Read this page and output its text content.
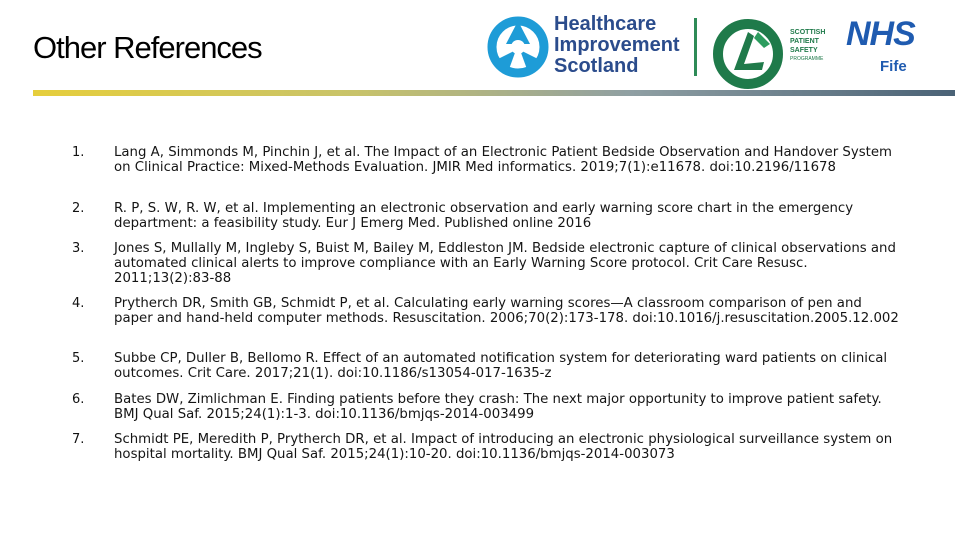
Other References
Healthcare
Improvement
Scotland
SCOTTISH
PATIENT
SAFETY
PROGRAMME
NHS
Fife
1. Lang A, Simmonds M, Pinchin J, et al. The Impact of an Electronic Patient Bedside Observation and Handover System on Clinical Practice: Mixed-Methods Evaluation. JMIR Med informatics. 2019;7(1):e11678. doi:10.2196/11678
2. R. P, S. W, R. W, et al. Implementing an electronic observation and early warning score chart in the emergency department: a feasibility study. Eur J Emerg Med. Published online 2016
3. Jones S, Mullally M, Ingleby S, Buist M, Bailey M, Eddleston JM. Bedside electronic capture of clinical observations and automated clinical alerts to improve compliance with an Early Warning Score protocol. Crit Care Resusc. 2011;13(2):83-88
4. Prytherch DR, Smith GB, Schmidt P, et al. Calculating early warning scores—A classroom comparison of pen and paper and hand-held computer methods. Resuscitation. 2006;70(2):173-178. doi:10.1016/j.resuscitation.2005.12.002
5. Subbe CP, Duller B, Bellomo R. Effect of an automated notification system for deteriorating ward patients on clinical outcomes. Crit Care. 2017;21(1). doi:10.1186/s13054-017-1635-z
6. Bates DW, Zimlichman E. Finding patients before they crash: The next major opportunity to improve patient safety. BMJ Qual Saf. 2015;24(1):1-3. doi:10.1136/bmjqs-2014-003499
7. Schmidt PE, Meredith P, Prytherch DR, et al. Impact of introducing an electronic physiological surveillance system on hospital mortality. BMJ Qual Saf. 2015;24(1):10-20. doi:10.1136/bmjqs-2014-003073
